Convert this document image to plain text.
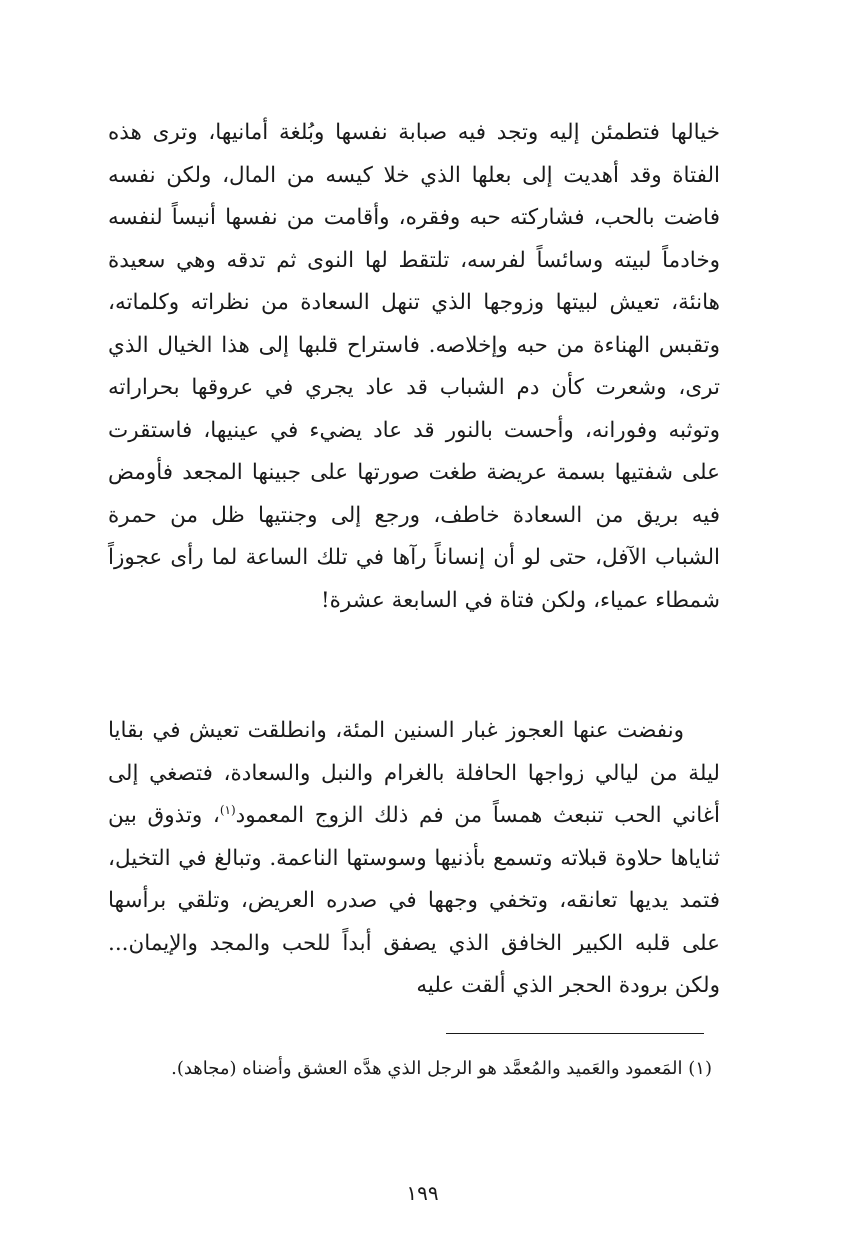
خيالها فتطمئن إليه وتجد فيه صبابة نفسها وبُلغة أمانيها، وترى هذه الفتاة وقد أهديت إلى بعلها الذي خلا كيسه من المال، ولكن نفسه فاضت بالحب، فشاركته حبه وفقره، وأقامت من نفسها أنيساً لنفسه وخادماً لبيته وسائساً لفرسه، تلتقط لها النوى ثم تدقه وهي سعيدة هانئة، تعيش لبيتها وزوجها الذي تنهل السعادة من نظراته وكلماته، وتقبس الهناءة من حبه وإخلاصه. فاستراح قلبها إلى هذا الخيال الذي ترى، وشعرت كأن دم الشباب قد عاد يجري في عروقها بحراراته وتوثبه وفورانه، وأحست بالنور قد عاد يضيء في عينيها، فاستقرت على شفتيها بسمة عريضة طغت صورتها على جبينها المجعد فأومض فيه بريق من السعادة خاطف، ورجع إلى وجنتيها ظل من حمرة الشباب الآفل، حتى لو أن إنساناً رآها في تلك الساعة لما رأى عجوزاً شمطاء عمياء، ولكن فتاة في السابعة عشرة!

ونفضت عنها العجوز غبار السنين المئة، وانطلقت تعيش في بقايا ليلة من ليالي زواجها الحافلة بالغرام والنبل والسعادة، فتصغي إلى أغاني الحب تنبعث همساً من فم ذلك الزوج المعمود$^{(١)}$، وتذوق بين ثناياها حلاوة قبلاته وتسمع بأذنيها وسوستها الناعمة. وتبالغ في التخيل، فتمد يديها تعانقه، وتخفي وجهها في صدره العريض، وتلقي برأسها على قلبه الكبير الخافق الذي يصفق أبداً للحب والمجد والإيمان... ولكن برودة الحجر الذي ألقت عليه

(١) المَعمود والعَميد والمُعمَّد هو الرجل الذي هدَّه العشق وأضناه (مجاهد).
١٩٩
